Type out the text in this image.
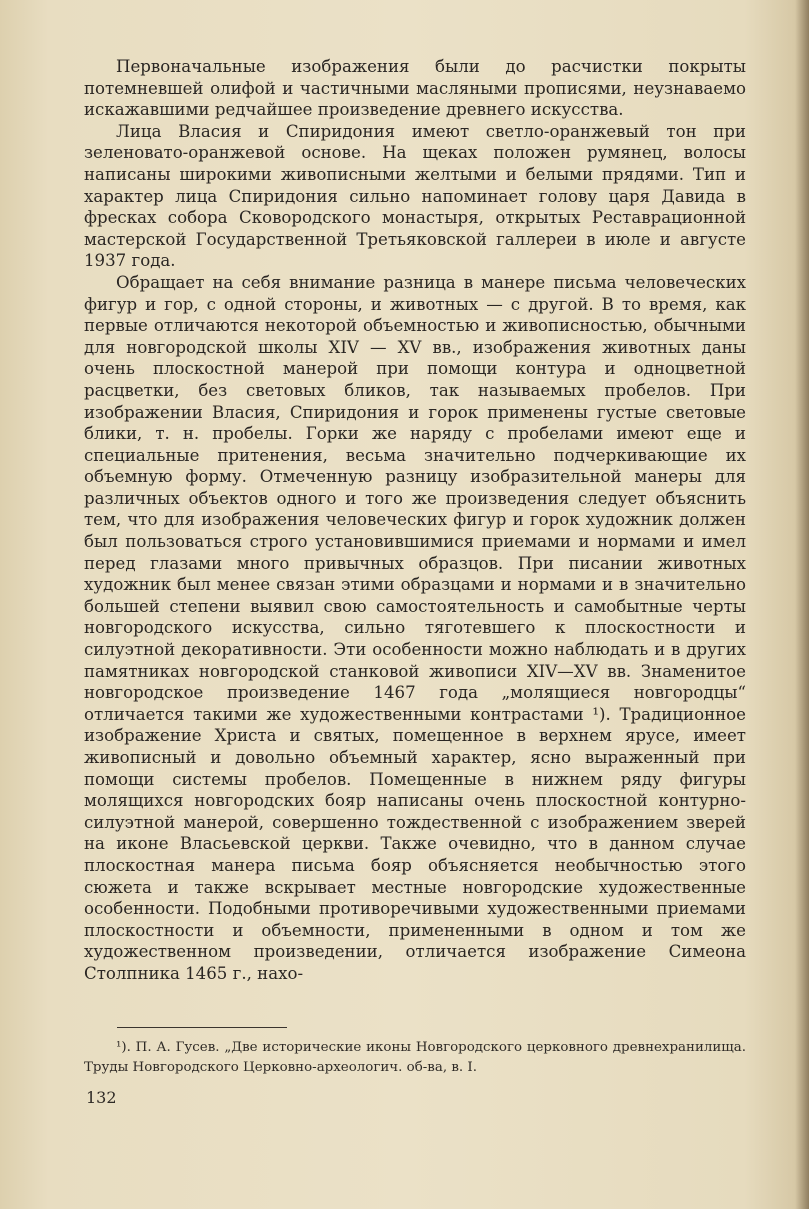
Первоначальные изображения были до расчистки покрыты потемневшей олифой и частичными масляными прописями, неузнаваемо искажавшими редчайшее произведение древнего искусства.

Лица Власия и Спиридония имеют светло-оранжевый тон при зеленовато-оранжевой основе. На щеках положен румянец, волосы написаны широкими живописными желтыми и белыми прядями. Тип и характер лица Спиридония сильно напоминает голову царя Давида в фресках собора Сковородского монастыря, открытых Реставрационной мастерской Государственной Третьяковской галлереи в июле и августе 1937 года.

Обращает на себя внимание разница в манере письма человеческих фигур и гор, с одной стороны, и животных — с другой. В то время, как первые отличаются некоторой объемностью и живописностью, обычными для новгородской школы XIV — XV вв., изображения животных даны очень плоскостной манерой при помощи контура и одноцветной расцветки, без световых бликов, так называемых пробелов. При изображении Власия, Спиридония и горок применены густые световые блики, т. н. пробелы. Горки же наряду с пробелами имеют еще и специальные притенения, весьма значительно подчеркивающие их объемную форму. Отмеченную разницу изобразительной манеры для различных объектов одного и того же произведения следует объяснить тем, что для изображения человеческих фигур и горок художник должен был пользоваться строго установившимися приемами и нормами и имел перед глазами много привычных образцов. При писании животных художник был менее связан этими образцами и нормами и в значительно большей степени выявил свою самостоятельность и самобытные черты новгородского искусства, сильно тяготевшего к плоскостности и силуэтной декоративности. Эти особенности можно наблюдать и в других памятниках новгородской станковой живописи XIV—XV вв. Знаменитое новгородское произведение 1467 года „молящиеся новгородцы“ отличается такими же художественными контрастами ¹). Традиционное изображение Христа и святых, помещенное в верхнем ярусе, имеет живописный и довольно объемный характер, ясно выраженный при помощи системы пробелов. Помещенные в нижнем ряду фигуры молящихся новгородских бояр написаны очень плоскостной контурно-силуэтной манерой, совершенно тождественной с изображением зверей на иконе Власьевской церкви. Также очевидно, что в данном случае плоскостная манера письма бояр объясняется необычностью этого сюжета и также вскрывает местные новгородские художественные особенности. Подобными противоречивыми художественными приемами плоскостности и объемности, примененными в одном и том же художественном произведении, отличается изображение Симеона Столпника 1465 г., нахо-

¹). П. А. Гусев. „Две исторические иконы Новгородского церковного древнехранилища. Труды Новгородского Церковно-археологич. об-ва, в. I.

132
